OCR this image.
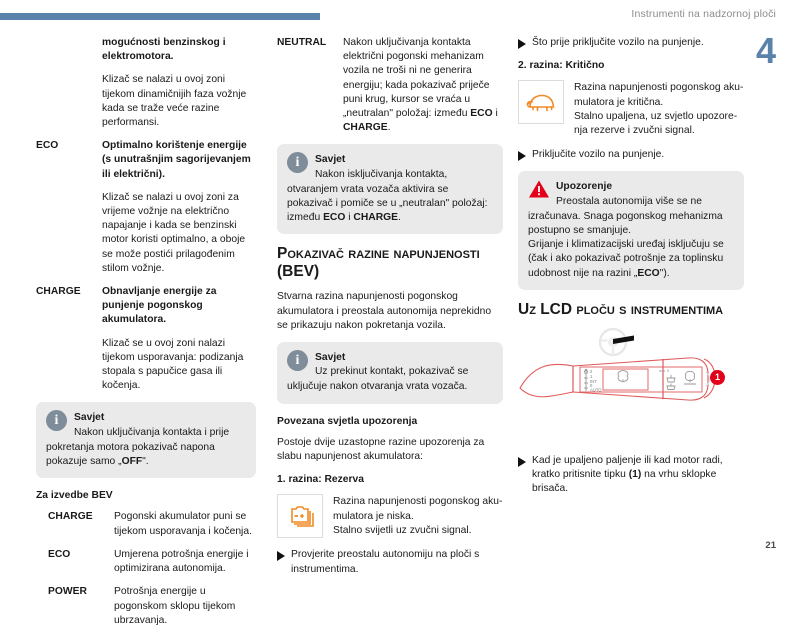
Instrumenti na nadzornoj ploči
4
21

mogućnosti benzinskog i elektromotora.

Klizač se nalazi u ovoj zoni tijekom dinamičnijih faza vožnje kada se traže veće razine performansi.

ECO	Optimalno korištenje energije (s unutrašnjim sagorijevanjem ili električni).

Klizač se nalazi u ovoj zoni za vrijeme vožnje na električno napajanje i kada se benzinski motor koristi optimalno, a oboje se može postići prilagođenim stilom vožnje.

CHARGE	Obnavljanje energije za punjenje pogonskog akumulatora.

Klizač se u ovoj zoni nalazi tijekom usporavanja: podizanja stopala s papučice gasa ili kočenja.

i	Savjet
Nakon uključivanja kontakta i prije

pokretanja motora pokazivač napona pokazuje samo „OFF".

Za izvedbe BEV
CHARGE	Pogonski akumulator puni se tijekom usporavanja i kočenja.

ECO	Umjerena potrošnja energije i optimizirana autonomija.

POWER	Potrošnja energije u pogonskom sklopu tijekom ubrzavanja.

NEUTRAL	Nakon uključivanja kontakta električni pogonski mehanizam vozila ne troši ni ne generira energiju; kada pokazivač priječe puni krug, kursor se vraća u „neutralan" položaj: između ECO i CHARGE.

i	Savjet
Nakon isključivanja kontakta,

otvaranjem vrata vozača aktivira se pokazivač i pomiče se u „neutralan" položaj: između ECO i CHARGE.

Pokazivač razine napunjenosti (BEV)

Stvarna razina napunjenosti pogonskog akumulatora i preostala autonomija neprekidno se prikazuju nakon pokretanja vozila.

i	Savjet
Uz prekinut kontakt, pokazivač se

uključuje nakon otvaranja vrata vozača.

Povezana svjetla upozorenja

Postoje dvije uzastopne razine upozorenja za slabu napunjenost akumulatora:

1. razina: Rezerva

Razina napunjenosti pogonskog aku-

mulatora je niska.

Stalno svijetli uz zvučni signal.

Provjerite preostalu autonomiju na ploči s instrumentima.
Što prije priključite vozilo na punjenje.
2. razina: Kritično

Razina napunjenosti pogonskog aku-

mulatora je kritična.

Stalno upaljena, uz svjetlo upozore-

nja rezerve i zvučni signal.

Priključite vozilo na punjenje.
Upozorenje
Preostala autonomija više se ne

izračunava. Snaga pogonskog mehanizma postupno se smanjuje.

Grijanje i klimatizacijski uređaj isključuju se (čak i ako pokazivač potrošnje za toplinsku udobnost nije na razini „ECO").

Uz LCD ploču s instrumentima
2
1
INT
0
AUTO
0
1
Kad je upaljeno paljenje ili kad motor radi, kratko pritisnite tipku (1) na vrhu sklopke brisača.
